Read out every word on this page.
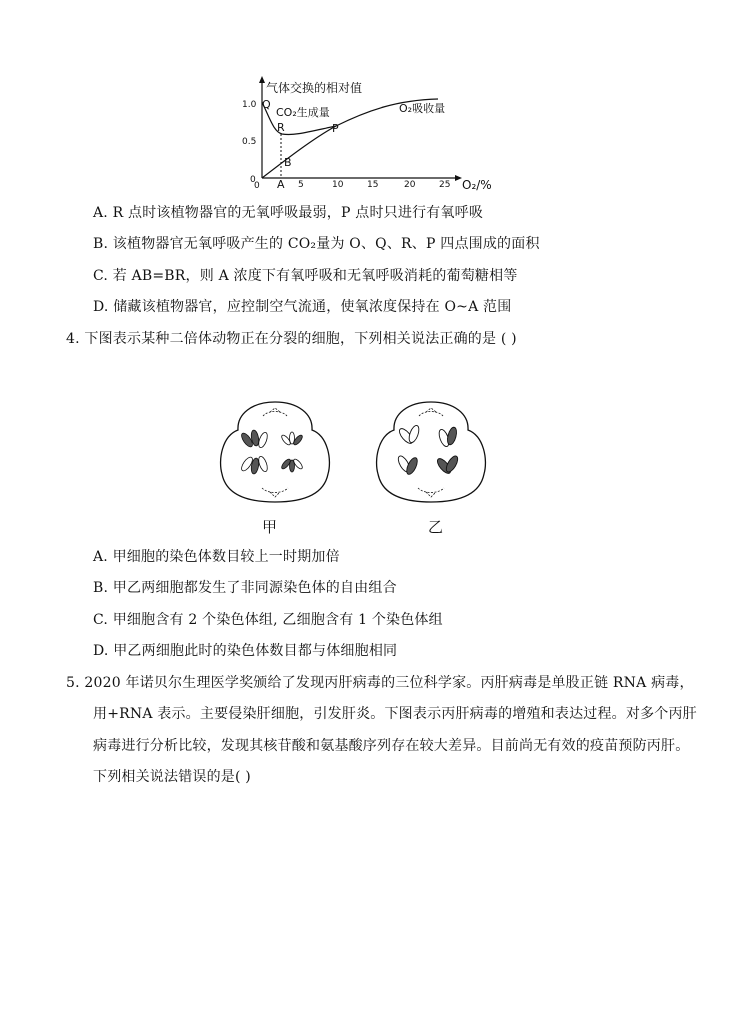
气体交换的相对值
1.0
0.5
0	5	10	15	20	25 O₂/%
CO₂生成量	O₂吸收量
Q
R	P
A
B
0
A. R 点时该植物器官的无氧呼吸最弱，P 点时只进行有氧呼吸
B. 该植物器官无氧呼吸产生的 CO₂量为 O、Q、R、P 四点围成的面积
C. 若 AB=BR，则 A 浓度下有氧呼吸和无氧呼吸消耗的葡萄糖相等
D. 储藏该植物器官，应控制空气流通，使氧浓度保持在 O~A 范围
4. 下图表示某种二倍体动物正在分裂的细胞，下列相关说法正确的是 ( )
甲	乙
A. 甲细胞的染色体数目较上一时期加倍
B. 甲乙两细胞都发生了非同源染色体的自由组合
C. 甲细胞含有 2 个染色体组, 乙细胞含有 1 个染色体组
D. 甲乙两细胞此时的染色体数目都与体细胞相同
5. 2020 年诺贝尔生理医学奖颁给了发现丙肝病毒的三位科学家。丙肝病毒是单股正链 RNA 病毒，
用+RNA 表示。主要侵染肝细胞，引发肝炎。下图表示丙肝病毒的增殖和表达过程。对多个丙肝
病毒进行分析比较，发现其核苷酸和氨基酸序列存在较大差异。目前尚无有效的疫苗预防丙肝。
下列相关说法错误的是( )
